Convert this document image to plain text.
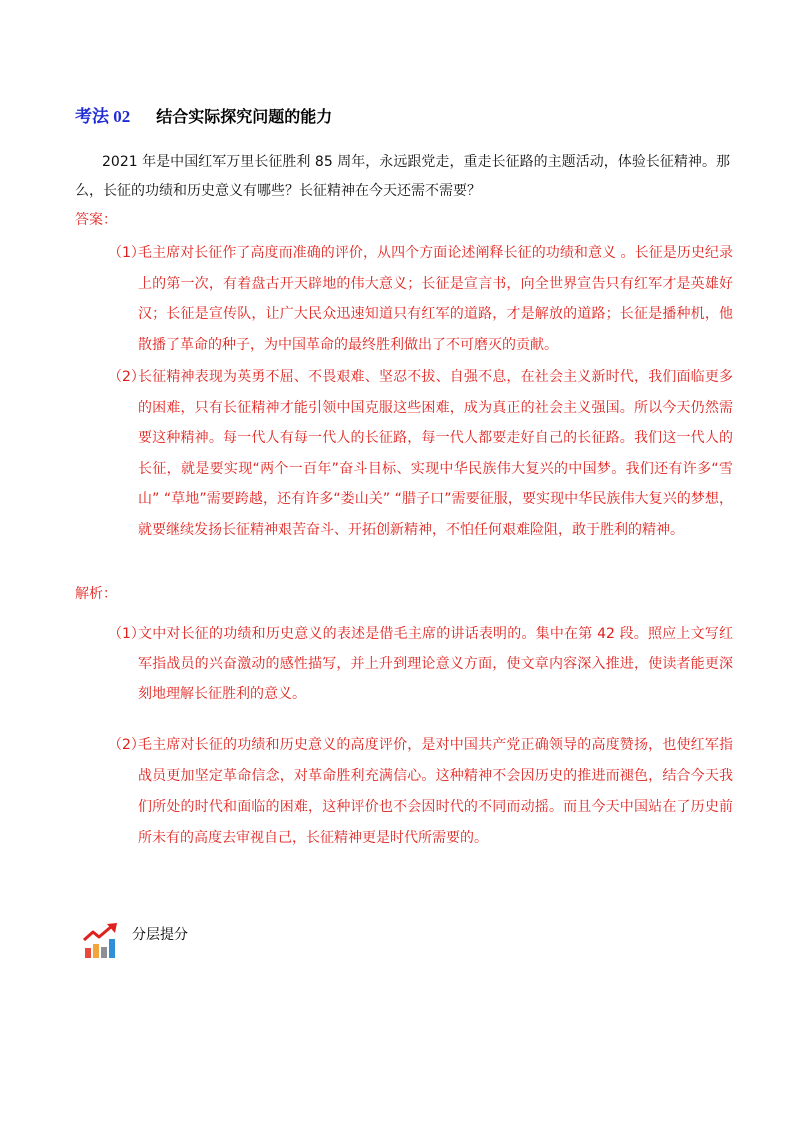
考法 02 结合实际探究问题的能力
2021 年是中国红军万里长征胜利 85 周年，永远跟党走，重走长征路的主题活动，体验长征精神。那么，长征的功绩和历史意义有哪些？长征精神在今天还需不需要？
答案：
（1）
毛主席对长征作了高度而准确的评价，从四个方面论述阐释长征的功绩和意义 。长征是历史纪录上的第一次，有着盘古开天辟地的伟大意义；长征是宣言书，向全世界宣告只有红军才是英雄好汉；长征是宣传队，让广大民众迅速知道只有红军的道路，才是解放的道路；长征是播种机，他散播了革命的种子，为中国革命的最终胜利做出了不可磨灭的贡献。
（2）
长征精神表现为英勇不屈、不畏艰难、坚忍不拔、自强不息，在社会主义新时代，我们面临更多的困难，只有长征精神才能引领中国克服这些困难，成为真正的社会主义强国。所以今天仍然需要这种精神。每一代人有每一代人的长征路，每一代人都要走好自己的长征路。我们这一代人的长征，就是要实现“两个一百年”奋斗目标、实现中华民族伟大复兴的中国梦。我们还有许多“雪山” “草地”需要跨越，还有许多“娄山关” “腊子口”需要征服，要实现中华民族伟大复兴的梦想，就要继续发扬长征精神艰苦奋斗、开拓创新精神，不怕任何艰难险阻，敢于胜利的精神。
解析：
（1）
文中对长征的功绩和历史意义的表述是借毛主席的讲话表明的。集中在第 42 段。照应上文写红军指战员的兴奋激动的感性描写，并上升到理论意义方面，使文章内容深入推进，使读者能更深刻地理解长征胜利的意义。
（2）
毛主席对长征的功绩和历史意义的高度评价，是对中国共产党正确领导的高度赞扬，也使红军指战员更加坚定革命信念，对革命胜利充满信心。这种精神不会因历史的推进而褪色，结合今天我们所处的时代和面临的困难，这种评价也不会因时代的不同而动摇。而且今天中国站在了历史前所未有的高度去审视自己，长征精神更是时代所需要的。
分层提分
